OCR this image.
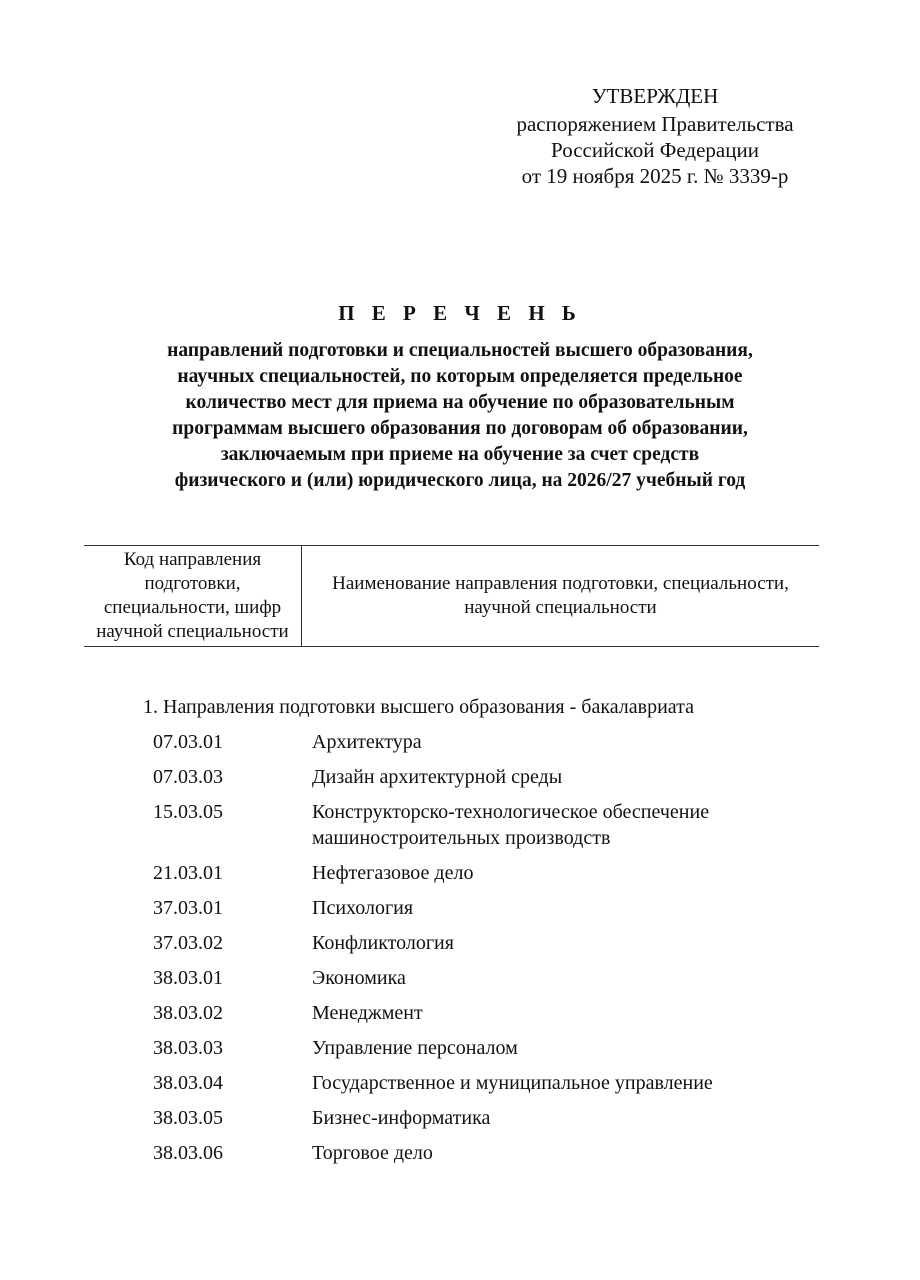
УТВЕРЖДЕН
распоряжением Правительства
Российской Федерации
от 19 ноября 2025 г. № 3339-р
П Е Р Е Ч Е Н Ь
направлений подготовки и специальностей высшего образования,
научных специальностей, по которым определяется предельное
количество мест для приема на обучение по образовательным
программам высшего образования по договорам об образовании,
заключаемым при приеме на обучение за счет средств
физического и (или) юридического лица, на 2026/27 учебный год
Код направления подготовки, специальности, шифр научной специальности	Наименование направления подготовки, специальности, научной специальности
1. Направления подготовки высшего образования - бакалавриата
07.03.01	Архитектура
07.03.03	Дизайн архитектурной среды
15.03.05	Конструкторско-технологическое обеспечение машиностроительных производств
21.03.01	Нефтегазовое дело
37.03.01	Психология
37.03.02	Конфликтология
38.03.01	Экономика
38.03.02	Менеджмент
38.03.03	Управление персоналом
38.03.04	Государственное и муниципальное управление
38.03.05	Бизнес-информатика
38.03.06	Торговое дело
